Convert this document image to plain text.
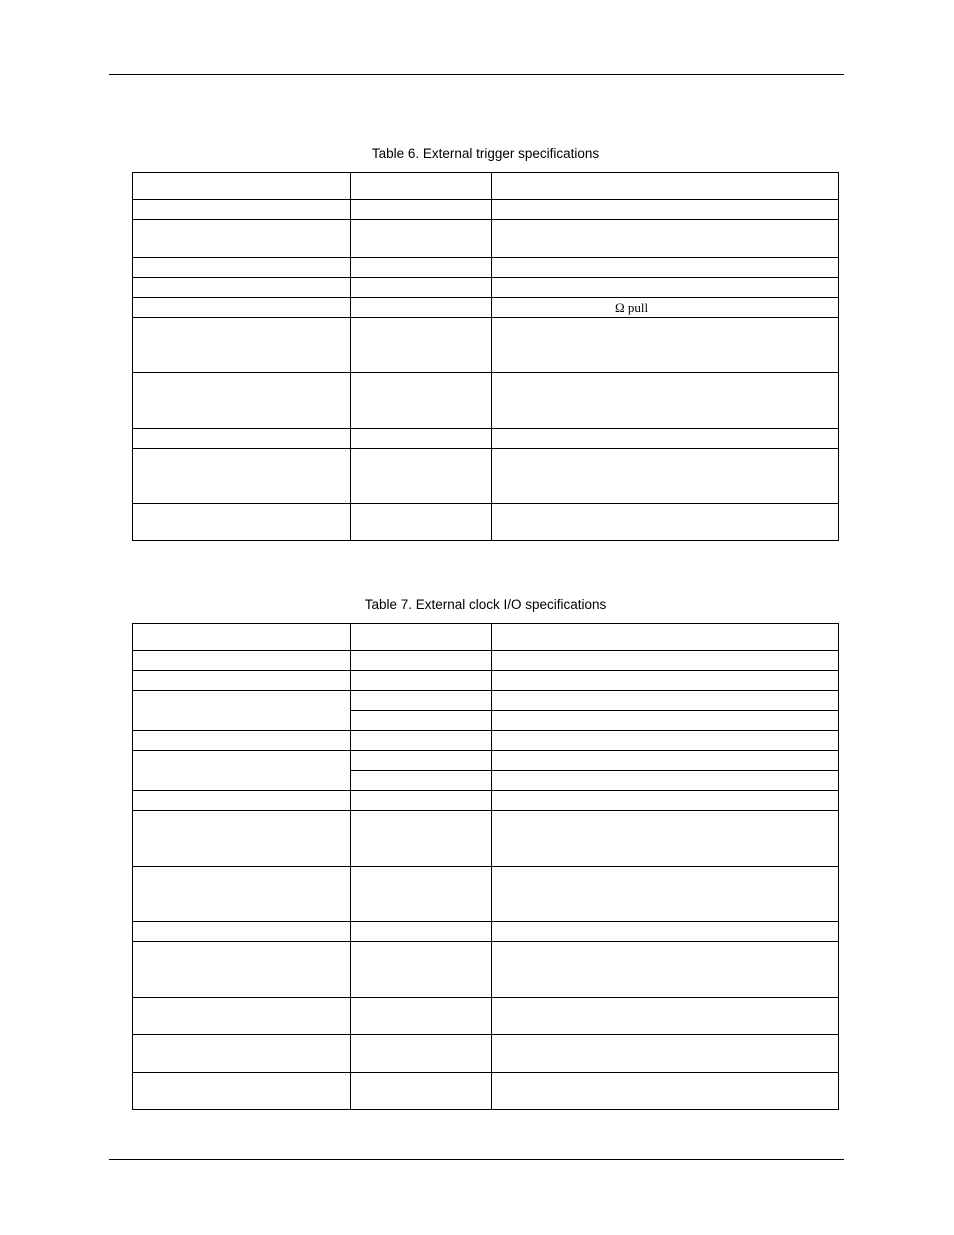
Table 6. External trigger specifications
Ω pull
Table 7. External clock I/O specifications
